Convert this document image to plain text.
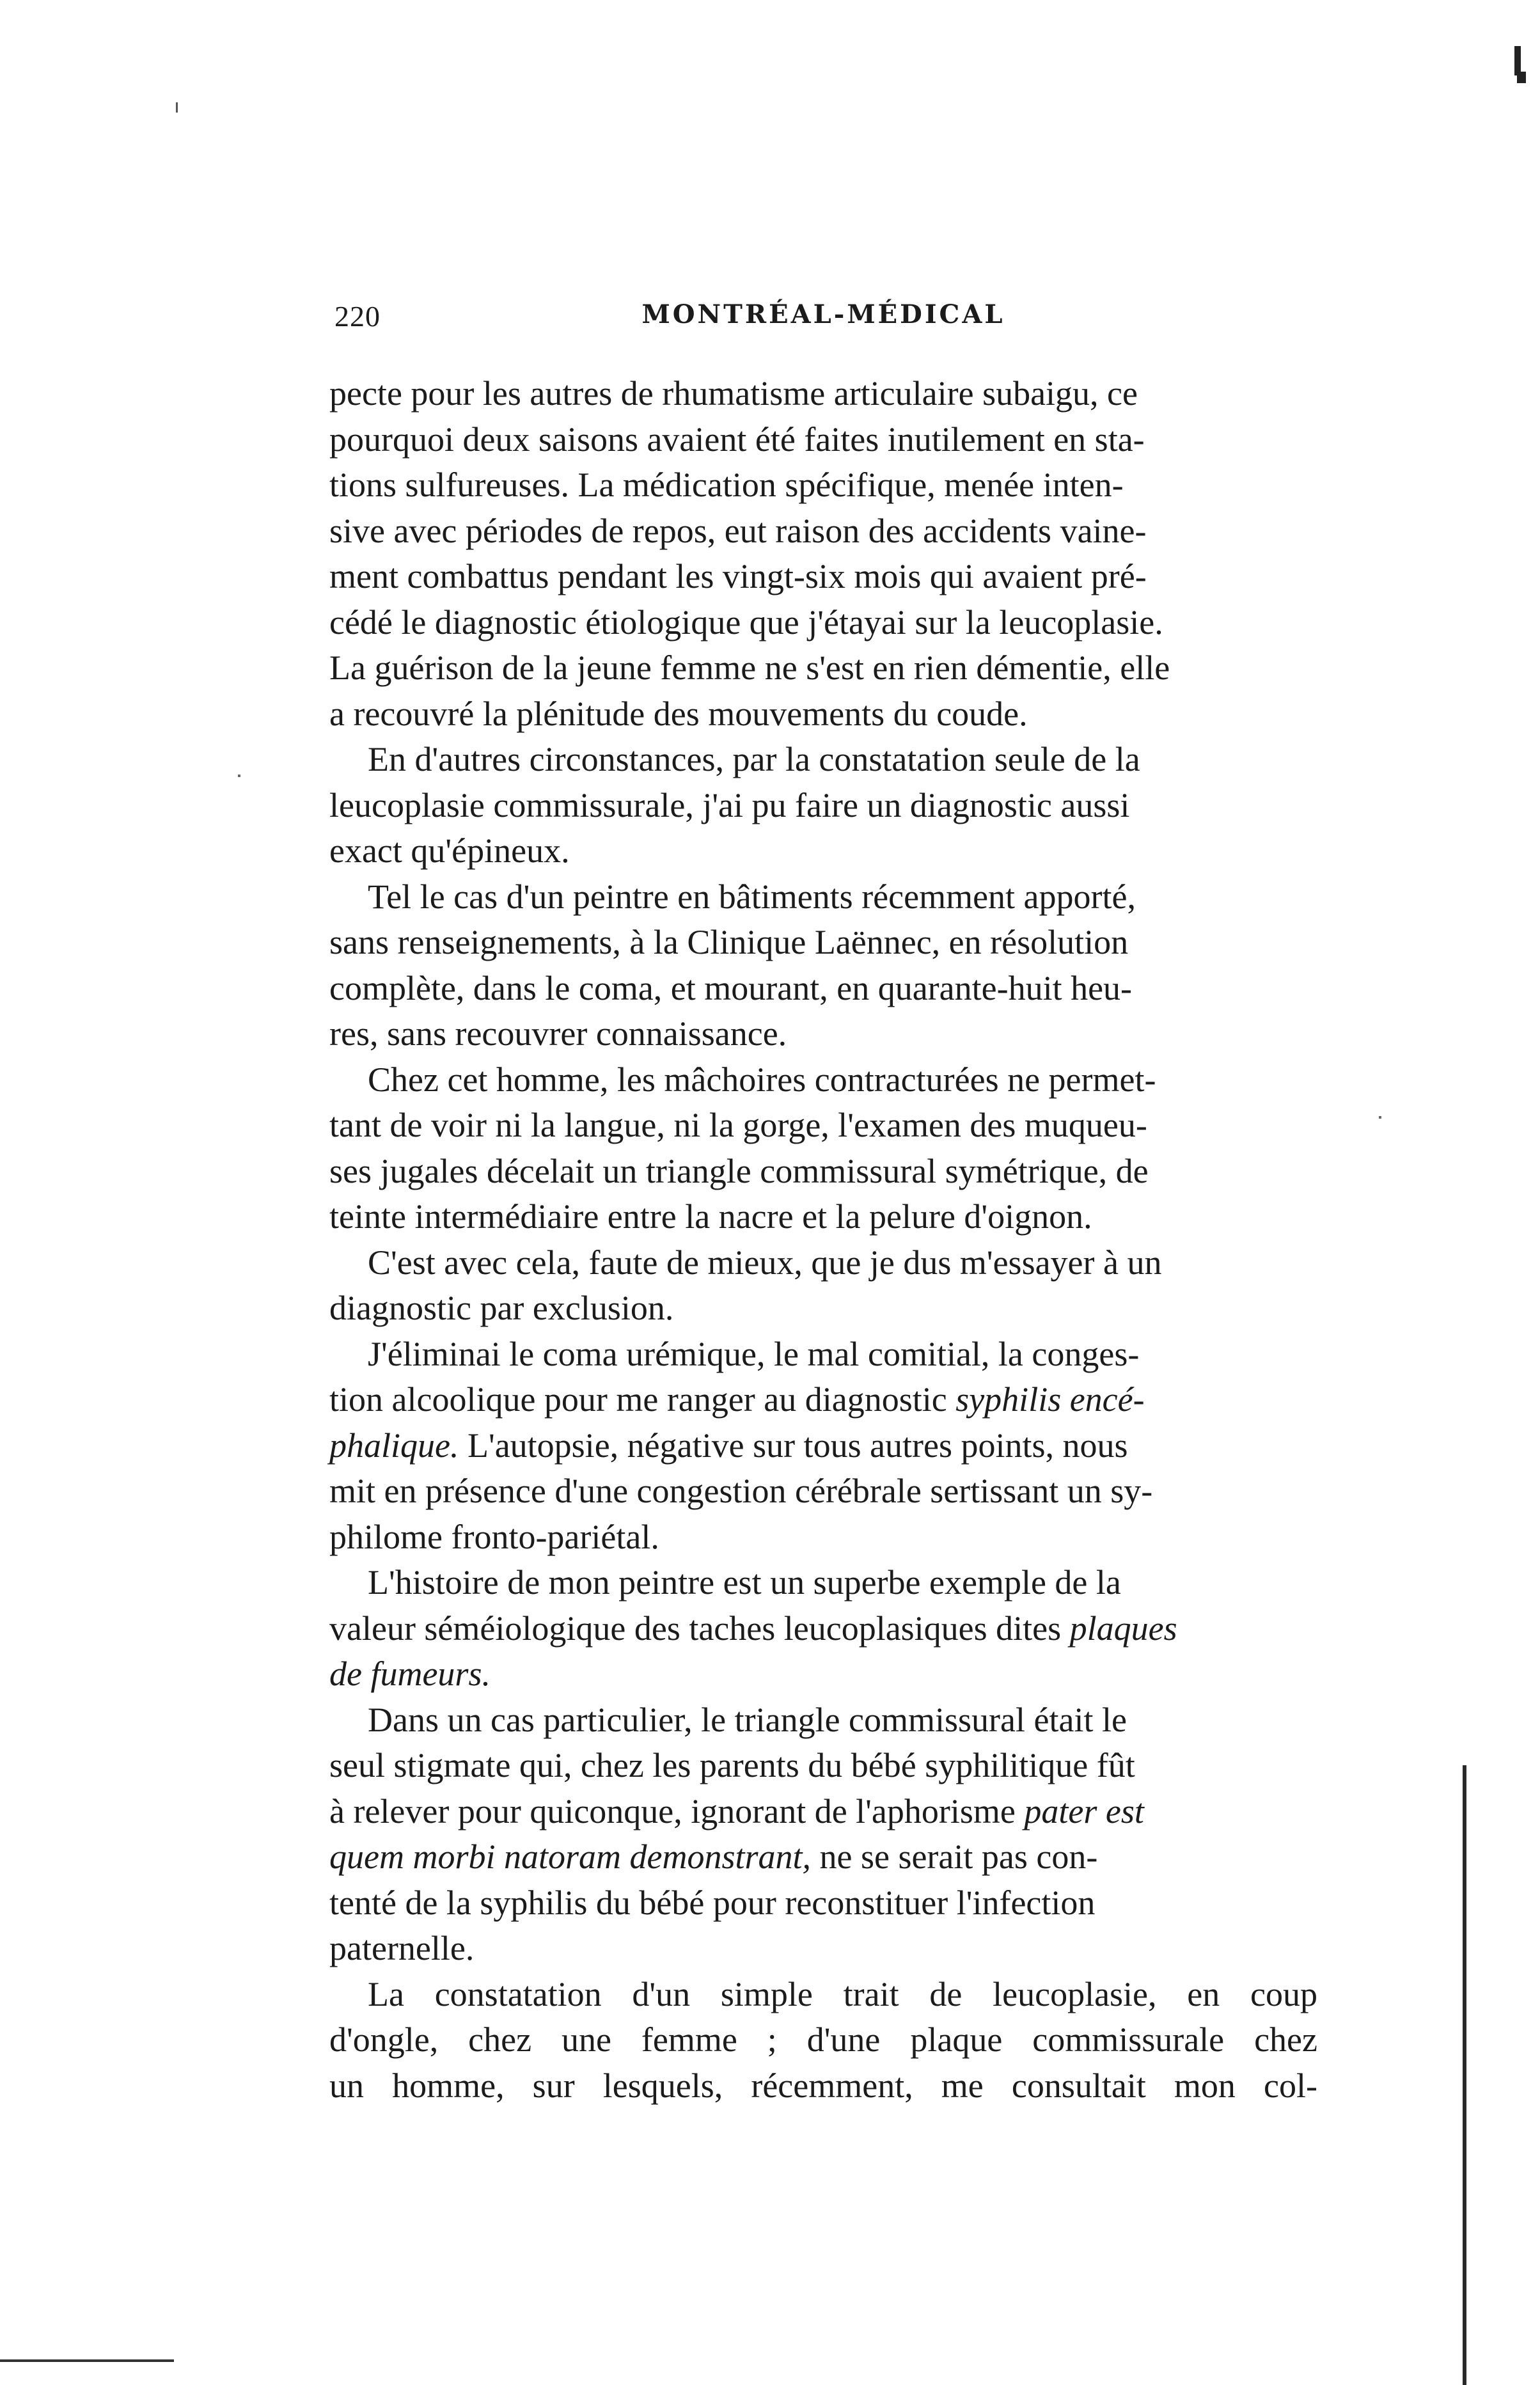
220	MONTRÉAL-MÉDICAL

pecte pour les autres de rhumatisme articulaire subaigu, ce
pourquoi deux saisons avaient été faites inutilement en sta-
tions sulfureuses. La médication spécifique, menée inten-
sive avec périodes de repos, eut raison des accidents vaine-
ment combattus pendant les vingt-six mois qui avaient pré-
cédé le diagnostic étiologique que j'étayai sur la leucoplasie.
La guérison de la jeune femme ne s'est en rien démentie, elle
a recouvré la plénitude des mouvements du coude.

En d'autres circonstances, par la constatation seule de la
leucoplasie commissurale, j'ai pu faire un diagnostic aussi
exact qu'épineux.

Tel le cas d'un peintre en bâtiments récemment apporté,
sans renseignements, à la Clinique Laënnec, en résolution
complète, dans le coma, et mourant, en quarante-huit heu-
res, sans recouvrer connaissance.

Chez cet homme, les mâchoires contracturées ne permet-
tant de voir ni la langue, ni la gorge, l'examen des muqueu-
ses jugales décelait un triangle commissural symétrique, de
teinte intermédiaire entre la nacre et la pelure d'oignon.

C'est avec cela, faute de mieux, que je dus m'essayer à un
diagnostic par exclusion.

J'éliminai le coma urémique, le mal comitial, la conges-
tion alcoolique pour me ranger au diagnostic syphilis encé-
phalique. L'autopsie, négative sur tous autres points, nous
mit en présence d'une congestion cérébrale sertissant un sy-
philome fronto-pariétal.

L'histoire de mon peintre est un superbe exemple de la
valeur séméiologique des taches leucoplasiques dites plaques
de fumeurs.

Dans un cas particulier, le triangle commissural était le
seul stigmate qui, chez les parents du bébé syphilitique fût
à relever pour quiconque, ignorant de l'aphorisme pater est
quem morbi natoram demonstrant, ne se serait pas con-
tenté de la syphilis du bébé pour reconstituer l'infection
paternelle.

La constatation d'un simple trait de leucoplasie, en coup
d'ongle, chez une femme ; d'une plaque commissurale chez
un homme, sur lesquels, récemment, me consultait mon col-
